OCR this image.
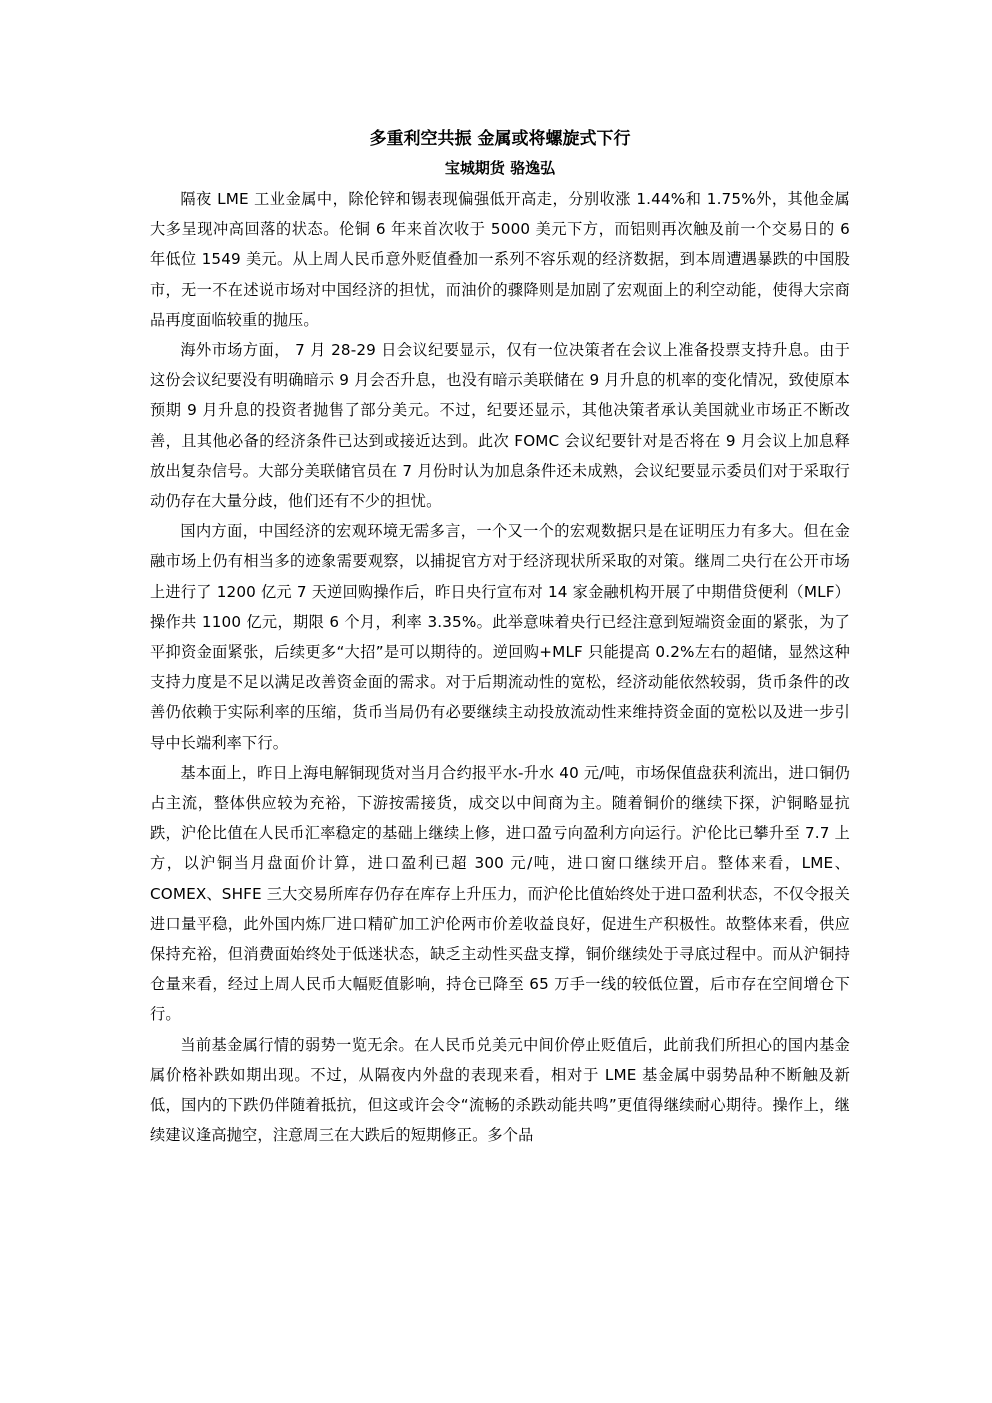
多重利空共振 金属或将螺旋式下行
宝城期货 骆逸弘

隔夜 LME 工业金属中，除伦锌和锡表现偏强低开高走，分别收涨 1.44%和 1.75%外，其他金属大多呈现冲高回落的状态。伦铜 6 年来首次收于 5000 美元下方，而铝则再次触及前一个交易日的 6 年低位 1549 美元。从上周人民币意外贬值叠加一系列不容乐观的经济数据，到本周遭遇暴跌的中国股市，无一不在述说市场对中国经济的担忧，而油价的骤降则是加剧了宏观面上的利空动能，使得大宗商品再度面临较重的抛压。

海外市场方面， 7 月 28-29 日会议纪要显示，仅有一位决策者在会议上准备投票支持升息。由于这份会议纪要没有明确暗示 9 月会否升息，也没有暗示美联储在 9 月升息的机率的变化情况，致使原本预期 9 月升息的投资者抛售了部分美元。不过，纪要还显示，其他决策者承认美国就业市场正不断改善，且其他必备的经济条件已达到或接近达到。此次 FOMC 会议纪要针对是否将在 9 月会议上加息释放出复杂信号。大部分美联储官员在 7 月份时认为加息条件还未成熟，会议纪要显示委员们对于采取行动仍存在大量分歧，他们还有不少的担忧。

国内方面，中国经济的宏观环境无需多言，一个又一个的宏观数据只是在证明压力有多大。但在金融市场上仍有相当多的迹象需要观察，以捕捉官方对于经济现状所采取的对策。继周二央行在公开市场上进行了 1200 亿元 7 天逆回购操作后，昨日央行宣布对 14 家金融机构开展了中期借贷便利（MLF）操作共 1100 亿元，期限 6 个月，利率 3.35%。此举意味着央行已经注意到短端资金面的紧张，为了平抑资金面紧张，后续更多“大招”是可以期待的。逆回购+MLF 只能提高 0.2%左右的超储，显然这种支持力度是不足以满足改善资金面的需求。对于后期流动性的宽松，经济动能依然较弱，货币条件的改善仍依赖于实际利率的压缩，货币当局仍有必要继续主动投放流动性来维持资金面的宽松以及进一步引导中长端利率下行。

基本面上，昨日上海电解铜现货对当月合约报平水-升水 40 元/吨，市场保值盘获利流出，进口铜仍占主流，整体供应较为充裕，下游按需接货，成交以中间商为主。随着铜价的继续下探，沪铜略显抗跌，沪伦比值在人民币汇率稳定的基础上继续上修，进口盈亏向盈利方向运行。沪伦比已攀升至 7.7 上方，以沪铜当月盘面价计算，进口盈利已超 300 元/吨，进口窗口继续开启。整体来看，LME、COMEX、SHFE 三大交易所库存仍存在库存上升压力，而沪伦比值始终处于进口盈利状态，不仅令报关进口量平稳，此外国内炼厂进口精矿加工沪伦两市价差收益良好，促进生产积极性。故整体来看，供应保持充裕，但消费面始终处于低迷状态，缺乏主动性买盘支撑，铜价继续处于寻底过程中。而从沪铜持仓量来看，经过上周人民币大幅贬值影响，持仓已降至 65 万手一线的较低位置，后市存在空间增仓下行。

当前基金属行情的弱势一览无余。在人民币兑美元中间价停止贬值后，此前我们所担心的国内基金属价格补跌如期出现。不过，从隔夜内外盘的表现来看，相对于 LME 基金属中弱势品种不断触及新低，国内的下跌仍伴随着抵抗，但这或许会令“流畅的杀跌动能共鸣”更值得继续耐心期待。操作上，继续建议逢高抛空，注意周三在大跌后的短期修正。多个品
